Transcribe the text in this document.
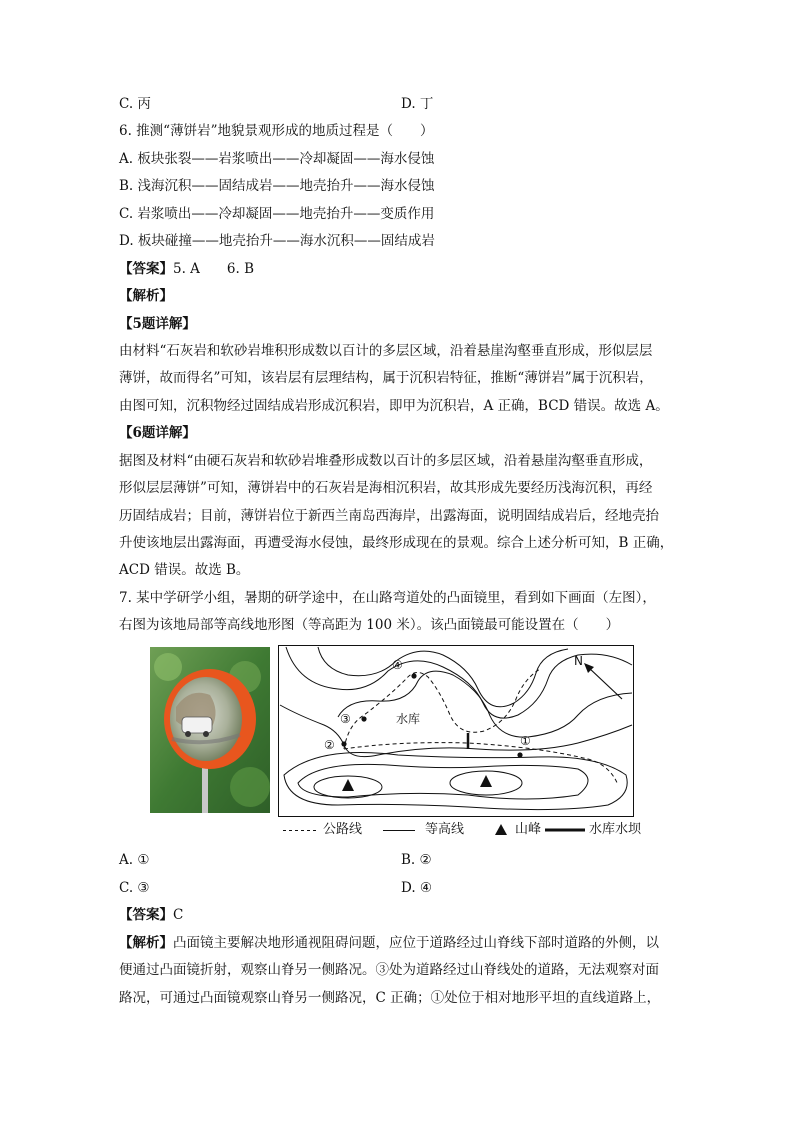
C. 丙	D. 丁
6. 推测“薄饼岩”地貌景观形成的地质过程是（　　）
A. 板块张裂——岩浆喷出——冷却凝固——海水侵蚀
B. 浅海沉积——固结成岩——地壳抬升——海水侵蚀
C. 岩浆喷出——冷却凝固——地壳抬升——变质作用
D. 板块碰撞——地壳抬升——海水沉积——固结成岩
【答案】5. A　　6. B
【解析】
【5题详解】
由材料“石灰岩和软砂岩堆积形成数以百计的多层区域，沿着悬崖沟壑垂直形成，形似层层
薄饼，故而得名”可知，该岩层有层理结构，属于沉积岩特征，推断“薄饼岩”属于沉积岩，
由图可知，沉积物经过固结成岩形成沉积岩，即甲为沉积岩，A 正确，BCD 错误。故选 A。
【6题详解】
据图及材料“由硬石灰岩和软砂岩堆叠形成数以百计的多层区域，沿着悬崖沟壑垂直形成，
形似层层薄饼”可知，薄饼岩中的石灰岩是海相沉积岩，故其形成先要经历浅海沉积，再经
历固结成岩；目前，薄饼岩位于新西兰南岛西海岸，出露海面，说明固结成岩后，经地壳抬
升使该地层出露海面，再遭受海水侵蚀，最终形成现在的景观。综合上述分析可知，B 正确，
ACD 错误。故选 B。
7. 某中学研学小组，暑期的研学途中，在山路弯道处的凸面镜里，看到如下画面（左图），
右图为该地局部等高线地形图（等高距为 100 米）。该凸面镜最可能设置在（　　）
④
③
②	①
水库
N
公路线	等高线	山峰	水库水坝
A. ①	B. ②
C. ③	D. ④
【答案】C
【解析】凸面镜主要解决地形通视阻碍问题，应位于道路经过山脊线下部时道路的外侧，以
便通过凸面镜折射，观察山脊另一侧路况。③处为道路经过山脊线处的道路，无法观察对面
路况，可通过凸面镜观察山脊另一侧路况，C 正确；①处位于相对地形平坦的直线道路上，
